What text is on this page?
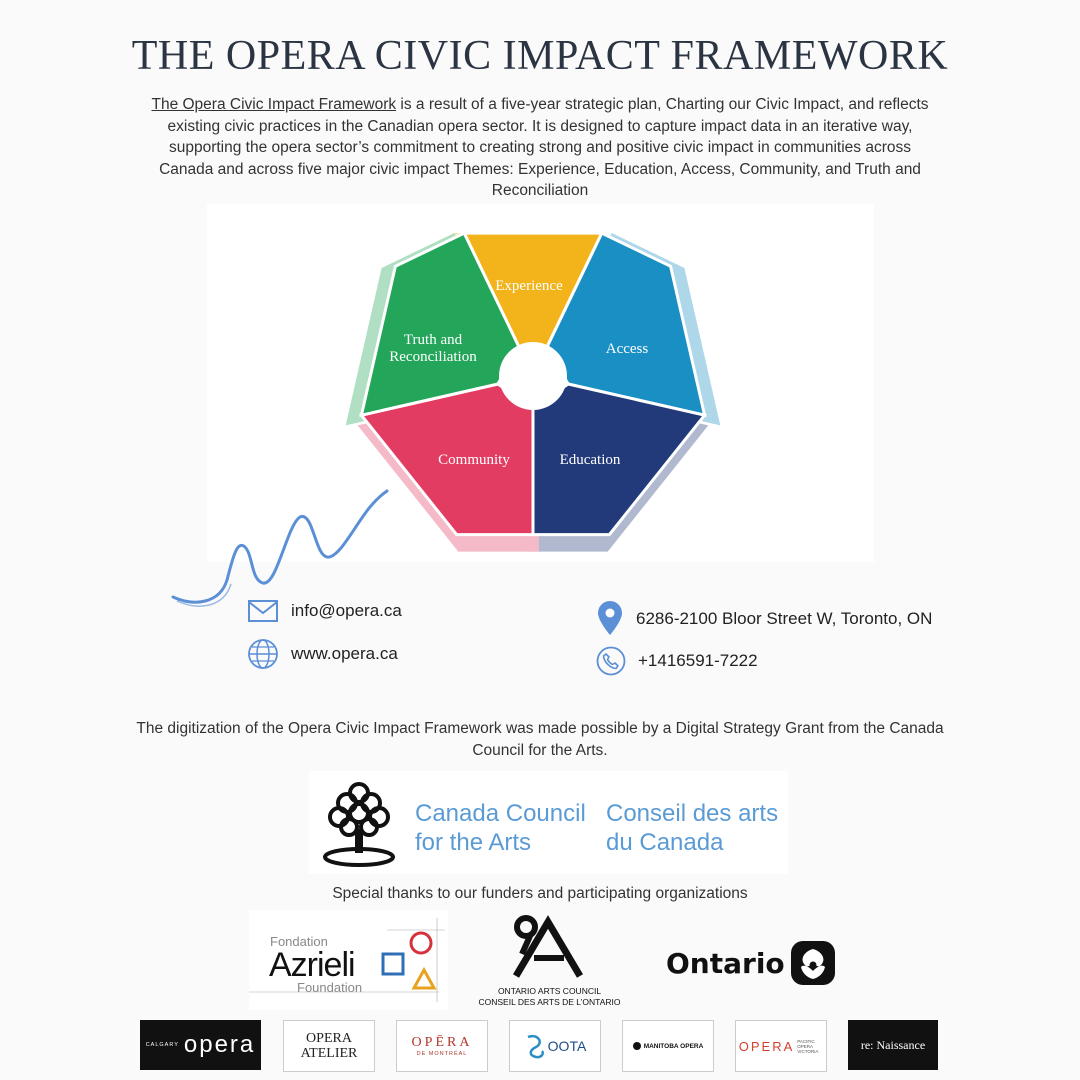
THE OPERA CIVIC IMPACT FRAMEWORK
The Opera Civic Impact Framework is a result of a five-year strategic plan, Charting our Civic Impact, and reflects existing civic practices in the Canadian opera sector. It is designed to capture impact data in an iterative way, supporting the opera sector’s commitment to creating strong and positive civic impact in communities across Canada and across five major civic impact Themes: Experience, Education, Access, Community, and Truth and Reconciliation
Experience
Access
Education
Community
Truth and Reconciliation
info@opera.ca
www.opera.ca
6286-2100 Bloor Street W, Toronto, ON
+1416591-7222
The digitization of the Opera Civic Impact Framework was made possible by a Digital Strategy Grant from the Canada Council for the Arts.
Canada Council
for the Arts
Conseil des arts
du Canada
Special thanks to our funders and participating organizations
Fondation
Azrieli
Foundation	ONTARIO ARTS COUNCIL
CONSEIL DES ARTS DE L’ONTARIO
Ontario
CALGARY opera	OPERA
ATELIER
OPĒRA
DE MONTRÉAL	OOTA	MANITOBA OPERA	OPERA PACIFIC OPERA VICTORIA	re: Naissance
